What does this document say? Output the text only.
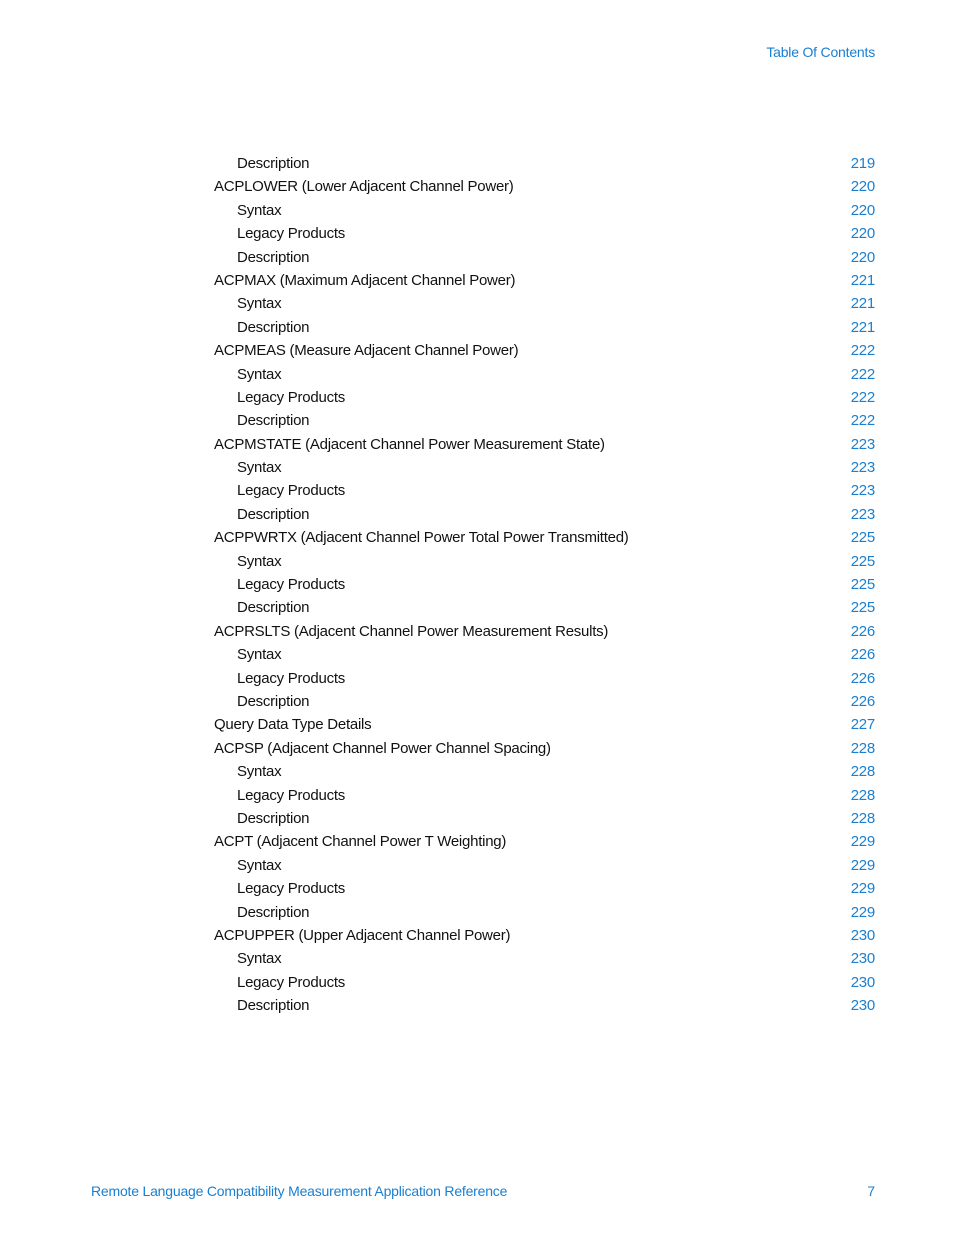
Table Of Contents
Description	219
ACPLOWER (Lower Adjacent Channel Power)	220
Syntax	220
Legacy Products	220
Description	220
ACPMAX (Maximum Adjacent Channel Power)	221
Syntax	221
Description	221
ACPMEAS (Measure Adjacent Channel Power)	222
Syntax	222
Legacy Products	222
Description	222
ACPMSTATE (Adjacent Channel Power Measurement State)	223
Syntax	223
Legacy Products	223
Description	223
ACPPWRTX (Adjacent Channel Power Total Power Transmitted)	225
Syntax	225
Legacy Products	225
Description	225
ACPRSLTS (Adjacent Channel Power Measurement Results)	226
Syntax	226
Legacy Products	226
Description	226
Query Data Type Details	227
ACPSP (Adjacent Channel Power Channel Spacing)	228
Syntax	228
Legacy Products	228
Description	228
ACPT (Adjacent Channel Power T Weighting)	229
Syntax	229
Legacy Products	229
Description	229
ACPUPPER (Upper Adjacent Channel Power)	230
Syntax	230
Legacy Products	230
Description	230
Remote Language Compatibility Measurement Application Reference	7
